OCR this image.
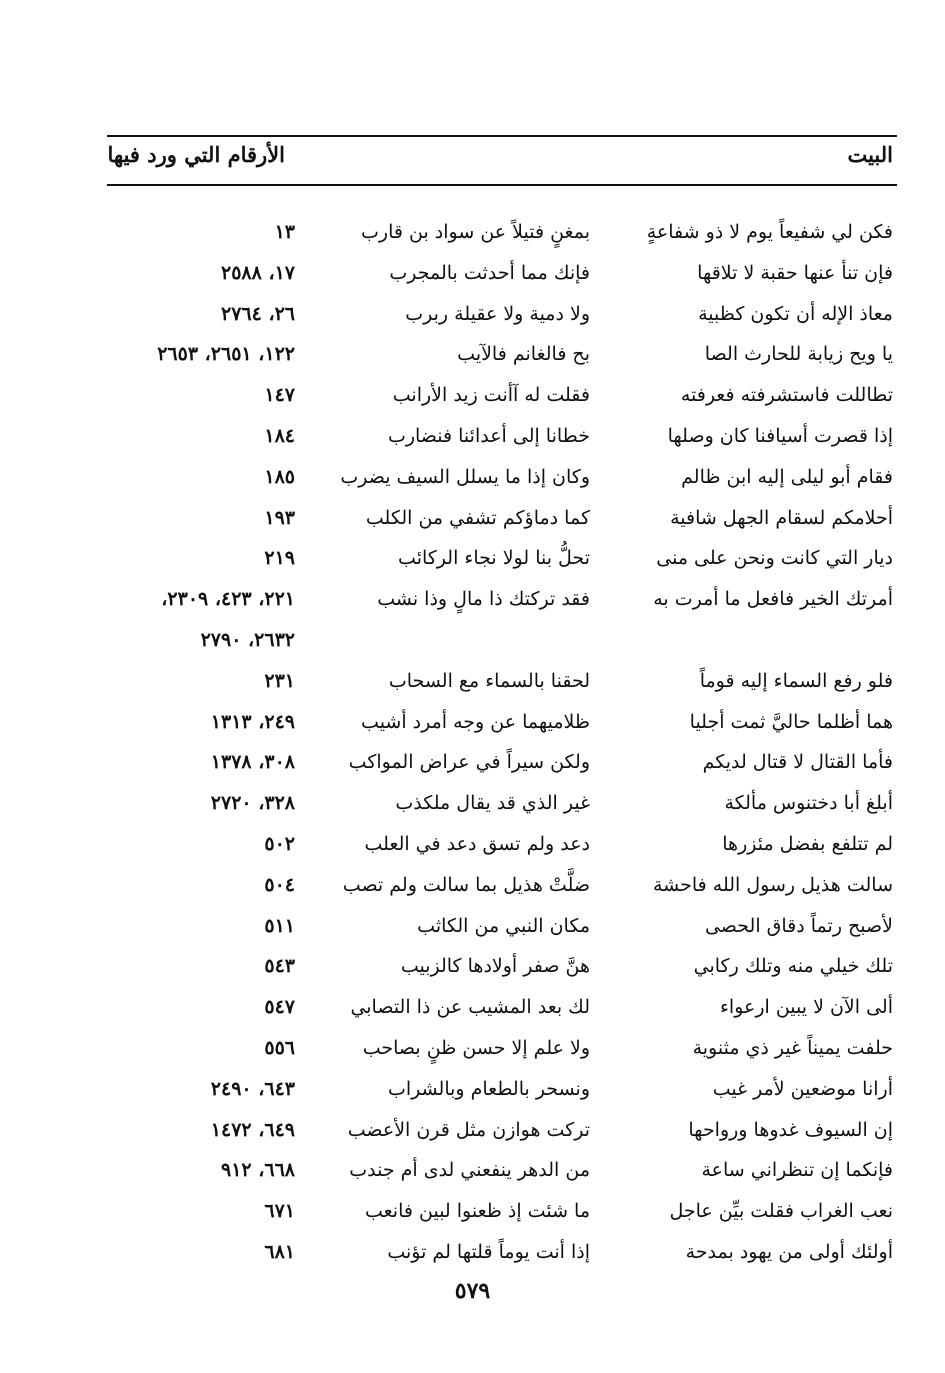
البيت
الأرقام التي ورد فيها
فكن لي شفيعاً يوم لا ذو شفاعةٍ
بمغنٍ فتيلاً عن سواد بن قارب
١٣
فإن تنأ عنها حقبة لا تلاقها
فإنك مما أحدثت بالمجرب
١٧، ٢٥٨٨
معاذ الإله أن تكون كظبية
ولا دمية ولا عقيلة ربرب
٢٦، ٢٧٦٤
يا ويح زيابة للحارث الصا
بح فالغانم فالآيب
١٢٢، ٢٦٥١، ٢٦٥٣
تطاللت فاستشرفته فعرفته
فقلت له آأنت زيد الأرانب
١٤٧
إذا قصرت أسيافنا كان وصلها
خطانا إلى أعدائنا فنضارب
١٨٤
فقام أبو ليلى إليه ابن ظالم
وكان إذا ما يسلل السيف يضرب
١٨٥
أحلامكم لسقام الجهل شافية
كما دماؤكم تشفي من الكلب
١٩٣
ديار التي كانت ونحن على منى
تحلُّ بنا لولا نجاء الركائب
٢١٩
أمرتك الخير فافعل ما أمرت به
فقد تركتك ذا مالٍ وذا نشب
٢٢١، ٤٢٣، ٢٣٠٩،
٢٦٣٢، ٢٧٩٠
فلو رفع السماء إليه قوماً
لحقنا بالسماء مع السحاب
٢٣١
هما أظلما حاليَّ ثمت أجليا
ظلاميهما عن وجه أمرد أشيب
٢٤٩، ١٣١٣
فأما القتال لا قتال لديكم
ولكن سيراً في عراض المواكب
٣٠٨، ١٣٧٨
أبلغ أبا دختنوس مألكة
غير الذي قد يقال ملكذب
٣٢٨، ٢٧٢٠
لم تتلفع بفضل مئزرها
دعد ولم تسق دعد في العلب
٥٠٢
سالت هذيل رسول الله فاحشة
ضلَّتْ هذيل بما سالت ولم تصب
٥٠٤
لأصبح رتماً دقاق الحصى
مكان النبي من الكاثب
٥١١
تلك خيلي منه وتلك ركابي
هنَّ صفر أولادها كالزبيب
٥٤٣
ألى الآن لا يبين ارعواء
لك بعد المشيب عن ذا التصابي
٥٤٧
حلفت يميناً غير ذي مثنوية
ولا علم إلا حسن ظنٍ بصاحب
٥٥٦
أرانا موضعين لأمر غيب
ونسحر بالطعام وبالشراب
٦٤٣، ٢٤٩٠
إن السيوف غدوها ورواحها
تركت هوازن مثل قرن الأعضب
٦٤٩، ١٤٧٢
فإنكما إن تنظراني ساعة
من الدهر ينفعني لدى أم جندب
٦٦٨، ٩١٢
نعب الغراب فقلت بيِّن عاجل
ما شئت إذ ظعنوا لبين فانعب
٦٧١
أولئك أولى من يهود بمدحة
إذا أنت يوماً قلتها لم تؤنب
٦٨١
٥٧٩
